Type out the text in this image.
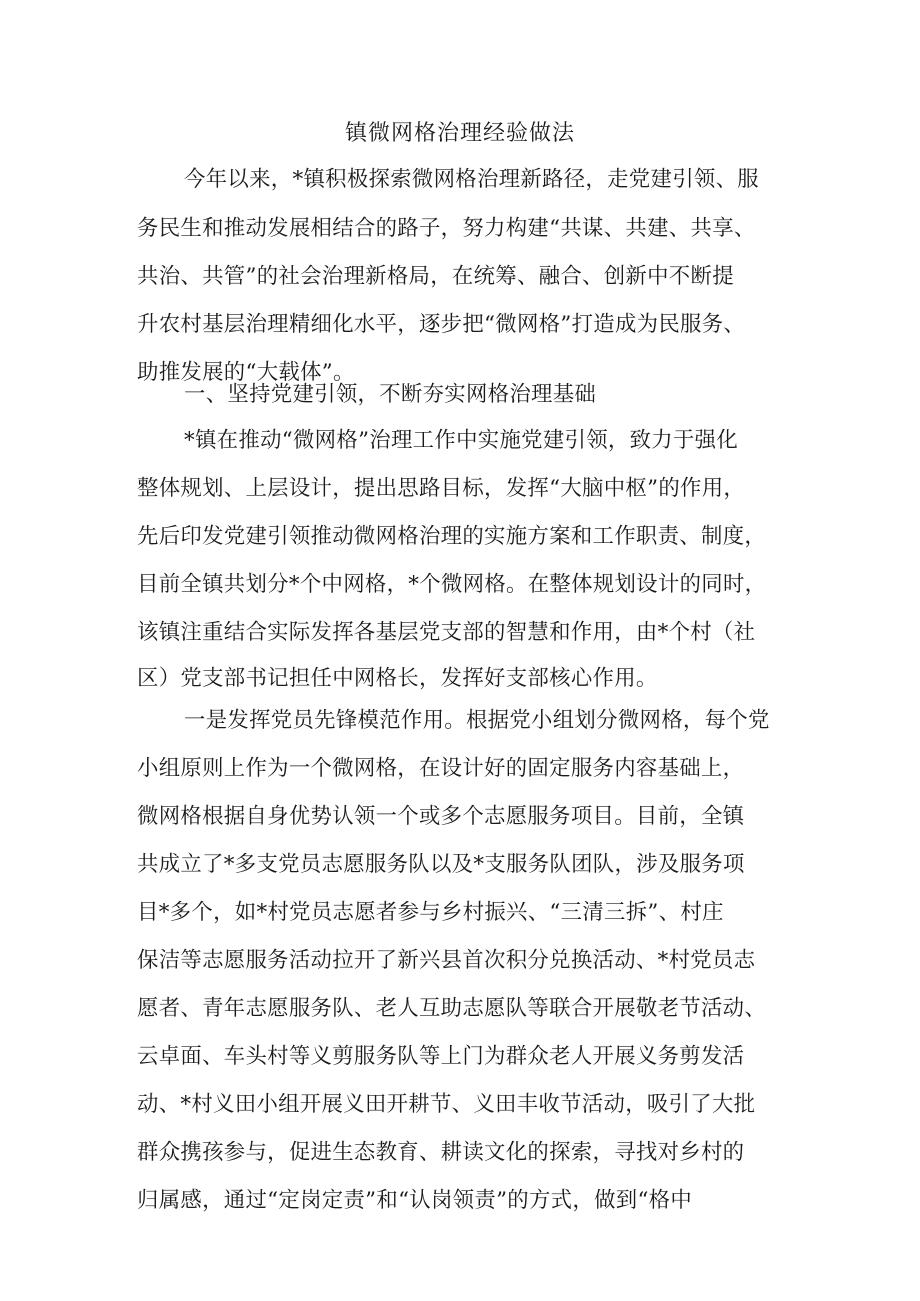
镇微网格治理经验做法
今年以来，*镇积极探索微网格治理新路径，走党建引领、服
务民生和推动发展相结合的路子，努力构建“共谋、共建、共享、
共治、共管”的社会治理新格局，在统筹、融合、创新中不断提
升农村基层治理精细化水平，逐步把“微网格”打造成为民服务、
助推发展的“大载体”。
一、坚持党建引领，不断夯实网格治理基础
*镇在推动“微网格”治理工作中实施党建引领，致力于强化
整体规划、上层设计，提出思路目标，发挥“大脑中枢”的作用，
先后印发党建引领推动微网格治理的实施方案和工作职责、制度，
目前全镇共划分*个中网格，*个微网格。在整体规划设计的同时，
该镇注重结合实际发挥各基层党支部的智慧和作用，由*个村（社
区）党支部书记担任中网格长，发挥好支部核心作用。
一是发挥党员先锋模范作用。根据党小组划分微网格，每个党
小组原则上作为一个微网格，在设计好的固定服务内容基础上，
微网格根据自身优势认领一个或多个志愿服务项目。目前，全镇
共成立了*多支党员志愿服务队以及*支服务队团队，涉及服务项
目*多个，如*村党员志愿者参与乡村振兴、“三清三拆”、村庄
保洁等志愿服务活动拉开了新兴县首次积分兑换活动、*村党员志
愿者、青年志愿服务队、老人互助志愿队等联合开展敬老节活动、
云卓面、车头村等义剪服务队等上门为群众老人开展义务剪发活
动、*村义田小组开展义田开耕节、义田丰收节活动，吸引了大批
群众携孩参与，促进生态教育、耕读文化的探索，寻找对乡村的
归属感，通过“定岗定责”和“认岗领责”的方式，做到“格中
